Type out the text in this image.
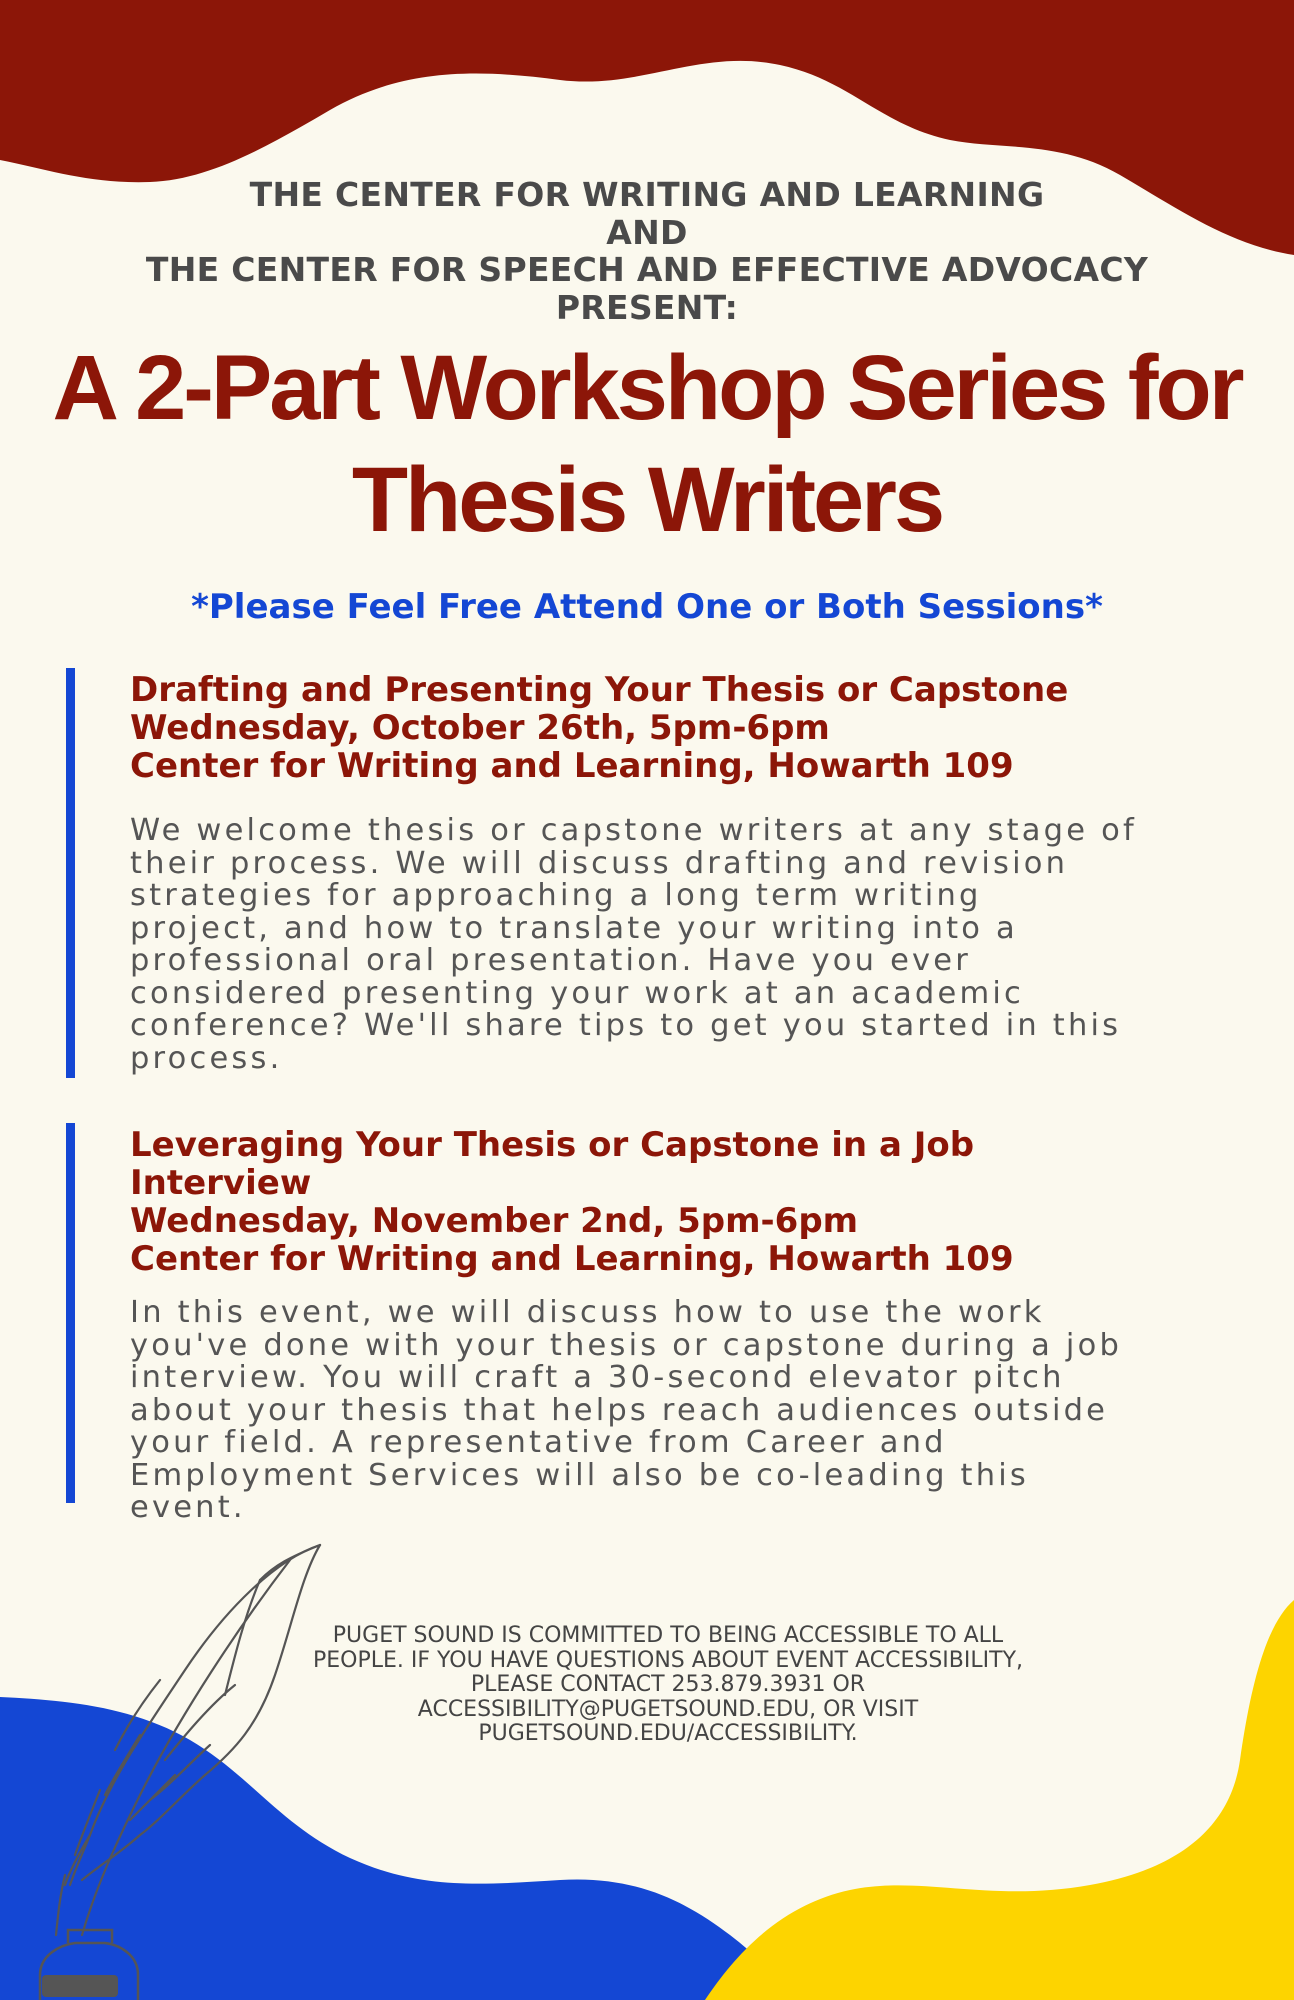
THE CENTER FOR WRITING AND LEARNING
AND
THE CENTER FOR SPEECH AND EFFECTIVE ADVOCACY
PRESENT:
A 2-Part Workshop Series for
Thesis Writers
*Please Feel Free Attend One or Both Sessions*
Drafting and Presenting Your Thesis or Capstone
Wednesday, October 26th, 5pm-6pm
Center for Writing and Learning, Howarth 109
We welcome thesis or capstone writers at any stage of
their process. We will discuss drafting and revision
strategies for approaching a long term writing
project, and how to translate your writing into a
professional oral presentation. Have you ever
considered presenting your work at an academic
conference? We'll share tips to get you started in this
process.
Leveraging Your Thesis or Capstone in a Job
Interview
Wednesday, November 2nd, 5pm-6pm
Center for Writing and Learning, Howarth 109
In this event, we will discuss how to use the work
you've done with your thesis or capstone during a job
interview. You will craft a 30-second elevator pitch
about your thesis that helps reach audiences outside
your field. A representative from Career and
Employment Services will also be co-leading this
event.
PUGET SOUND IS COMMITTED TO BEING ACCESSIBLE TO ALL
PEOPLE. IF YOU HAVE QUESTIONS ABOUT EVENT ACCESSIBILITY,
PLEASE CONTACT 253.879.3931 OR
ACCESSIBILITY@PUGETSOUND.EDU, OR VISIT
PUGETSOUND.EDU/ACCESSIBILITY.
